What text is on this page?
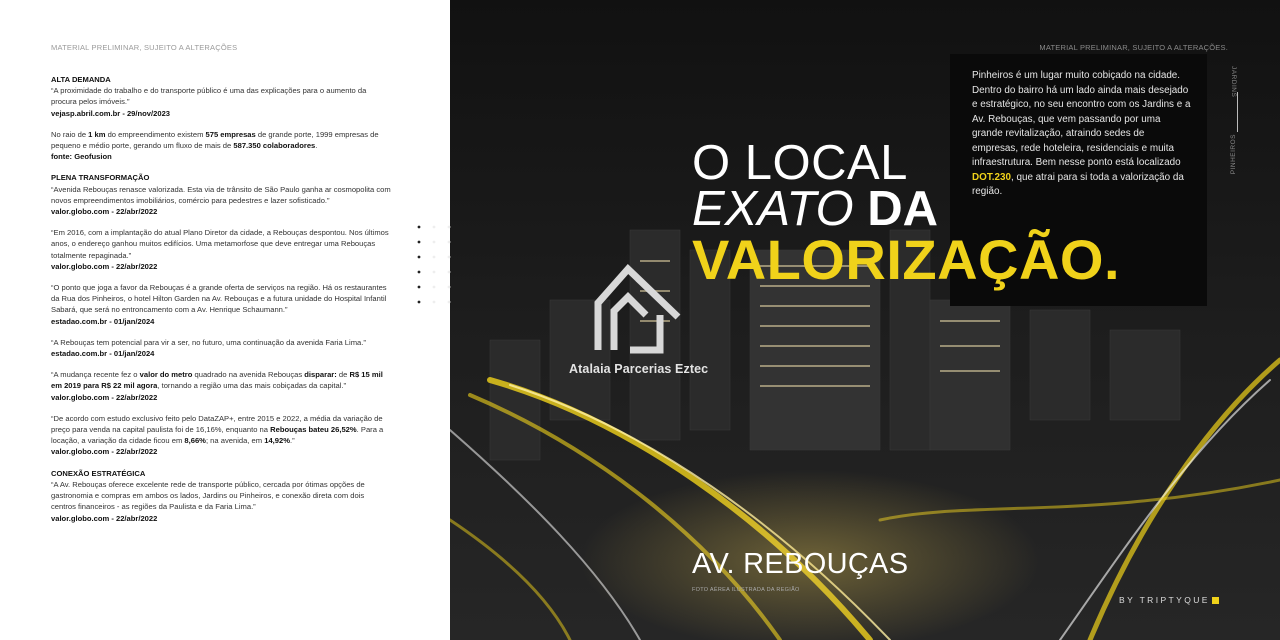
MATERIAL PRELIMINAR, SUJEITO A ALTERAÇÕES

ALTA DEMANDA

“A proximidade do trabalho e do transporte público é uma das explicações para o aumento da procura pelos imóveis.”

vejasp.abril.com.br - 29/nov/2023

No raio de 1 km do empreendimento existem 575 empresas de grande porte, 1999 empresas de pequeno e médio porte, gerando um fluxo de mais de 587.350 colaboradores.

fonte: Geofusion

PLENA TRANSFORMAÇÃO

“Avenida Rebouças renasce valorizada. Esta via de trânsito de São Paulo ganha ar cosmopolita com novos empreendimentos imobiliários, comércio para pedestres e lazer sofisticado.”

valor.globo.com - 22/abr/2022

“Em 2016, com a implantação do atual Plano Diretor da cidade, a Rebouças despontou. Nos últimos anos, o endereço ganhou muitos edifícios. Uma metamorfose que deve entregar uma Rebouças totalmente repaginada.”

valor.globo.com - 22/abr/2022

“O ponto que joga a favor da Rebouças é a grande oferta de serviços na região. Há os restaurantes da Rua dos Pinheiros, o hotel Hilton Garden na Av. Rebouças e a futura unidade do Hospital Infantil Sabará, que será no entroncamento com a Av. Henrique Schaumann.”

estadao.com.br - 01/jan/2024

“A Rebouças tem potencial para vir a ser, no futuro, uma continuação da avenida Faria Lima.”

estadao.com.br - 01/jan/2024

“A mudança recente fez o valor do metro quadrado na avenida Rebouças disparar: de R$ 15 mil em 2019 para R$ 22 mil agora, tornando a região uma das mais cobiçadas da capital.”

valor.globo.com - 22/abr/2022

“De acordo com estudo exclusivo feito pelo DataZAP+, entre 2015 e 2022, a média da variação de preço para venda na capital paulista foi de 16,16%, enquanto na Rebouças bateu 26,52%. Para a locação, a variação da cidade ficou em 8,66%; na avenida, em 14,92%.”

valor.globo.com - 22/abr/2022

CONEXÃO ESTRATÉGICA

“A Av. Rebouças oferece excelente rede de transporte público, cercada por ótimas opções de gastronomia e compras em ambos os lados, Jardins ou Pinheiros, e conexão direta com dois centros financeiros - as regiões da Paulista e da Faria Lima.”

valor.globo.com - 22/abr/2022

MATERIAL PRELIMINAR, SUJEITO A ALTERAÇÕES.

Pinheiros é um lugar muito cobiçado na cidade. Dentro do bairro há um lado ainda mais desejado e estratégico, no seu encontro com os Jardins e a Av. Rebouças, que vem passando por uma grande revitalização, atraindo sedes de empresas, rede hoteleira, residenciais e muita infraestrutura. Bem nesse ponto está localizado DOT.230, que atrai para si toda a valorização da região.

O LOCAL
EXATO DA
VALORIZAÇÃO.
JARDINS
PINHEIROS
Atalaia Parcerias Eztec
AV. REBOUÇAS
FOTO AÉREA ILUSTRADA DA REGIÃO
BY TRIPTYQUE
